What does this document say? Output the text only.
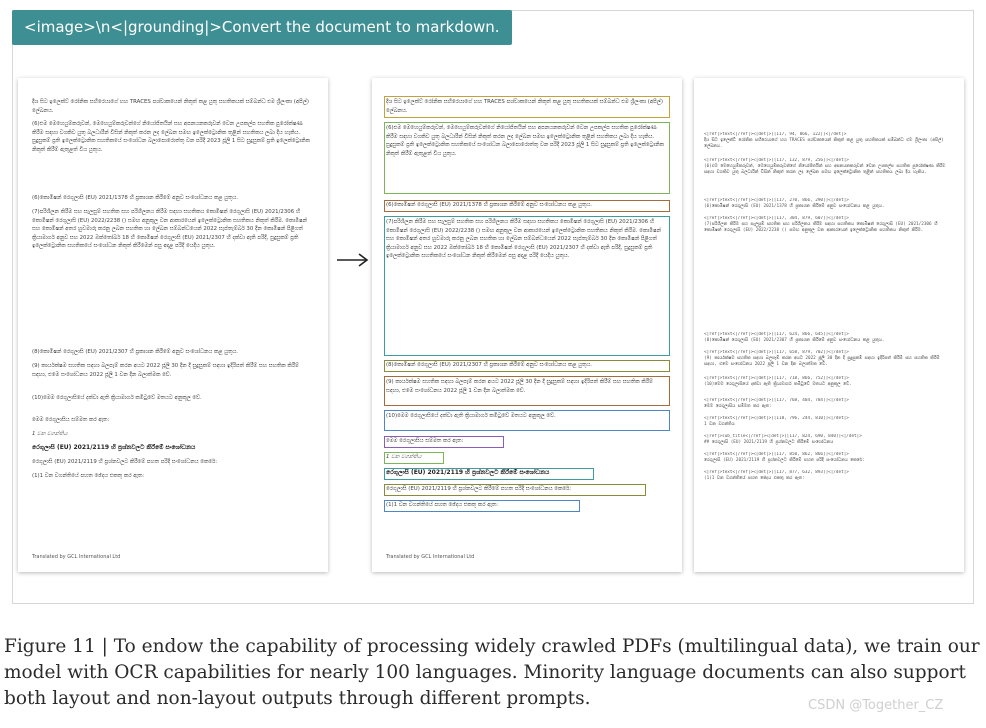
<image>\n<|grounding|>Convert the document to markdown.

දිශ සිට ඉලෙක්ට් රෝනික සහිරෙයාගේ හහ TRACES පශ්චාකයෙන් නිකුත් කළ යුතු සහතිකයක් සම්බන්ධ එම ශ්‍රීලංකා (අපිල්) ලේඛනය.

(6)එම මෙහෙයුම්කරුවන්, මෙහෙයුම්කරුවන්ගේ නියෝජිතයින් සහ අපනයනකරුවන් වෙන උපකල්ප සහතික පුරෝක්ෂණ කිරීම සඳහා වගකිව යුතු බලධාරීන් විසින් නිකුත් කරන ලද ලේඛන සමඟ ඉලෙක්ට්‍රොනික තුළින් සහතිකය ලබා දිය හැකිය. සුදුසුකම් ප්‍රති ඉලෙක්ට්‍රොනික සහතිකයේ සංශෝධන බලාපොරොත්තු වන පරිදි 2023 ජූලි 1 සිට සුදුසුකම් ප්‍රති ඉලෙක්ට්‍රොනික නිකුත් කිරීම් ඇතුළත් විය යුතුය.

(6)කොමිෂන් රෙගුලාසි (EU) 2021/1378 හි ප්‍රකාශන කිරීමේ අනුව සංශෝධනය කළ යුතුය.

(7)පරිශීලන කිරීම සහ සැලසුම් සහතික සහ පරිශීලනය කිරීම සඳහා සහතිකය කොමිෂන් රෙගුලාසි (EU) 2021/2306 හි කොමිෂන් රෙගුලාසි (EU) 2022/2238 () සමඟ අනුකූල වන ආකාරයෙන් ඉලෙක්ට්‍රොනික සහතිකය නිකුත් කිරීම. කොමිෂන් සහ කොමිෂන් අතර හුවමාරු කරනු ලබන සහතික හා ලේඛන සම්බන්ධයෙන් 2022 සැප්තැම්බර් 30 දින කොමිෂන් පිළිගත් ක්‍රියාමාර්ග අනුව සහ 2022 ඔක්තෝබර් 18 හි කොමිෂන් රෙගුලාසි (EU) 2021/2307 හි දක්වා ඇති පරිදි, සුදුසුකම් ප්‍රති ඉලෙක්ට්‍රොනික සහතිකයේ සංශෝධන නිකුත් කිරීමෙන් පසු අදාළ පරිදි යෙදිය යුතුය.

(8)කොමිෂන් රෙගුලාසි (EU) 2021/2307 හි ප්‍රකාශන කිරීමේ අනුව සංශෝධනය කළ යුතුය.

(9) කාර්යක්ෂම සහතික සඳහා බලපෑම් කරන අයට 2022 ජූලි 30 දින දී සුදුසුකම් සඳහා ඉදිරිපත් කිරීම් සහ සහතික කිරීම් සඳහා, එමෙ සංශෝධනය 2022 ජූලි 1 වන දින බලාත්මක වේ.

(10)මෙම රෙගුලාසියේ දක්වා ඇති ක්‍රියාමාර්ග කමිටුවේ මතයට අනුකූල වේ.

මෙම රෙගුලාසිය සම්මත කර ඇත:

1 වන වගන්තිය

රෙගුලාසි (EU) 2021/2119 හි ප්‍රශ්නවලට කිරීමේ සංශෝධනය

රෙගුලාසි (EU) 2021/2119 හි ප්‍රශ්නවලට කිරීමේ පහත පරිදි සංශෝධනය කෙරේ:

(1)1 වන වගන්තියේ පහත ඡේදය එකතු කර ඇත:

Translated by GCL International Ltd

දිශ සිට ඉලෙක්ට් රෝනික සහිරෙයාගේ හහ TRACES පශ්චාකයෙන් නිකුත් කළ යුතු සහතිකයක් සම්බන්ධ එම ශ්‍රීලංකා (අපිල්) ලේඛනය.

(6)එම මෙහෙයුම්කරුවන්, මෙහෙයුම්කරුවන්ගේ නියෝජිතයින් සහ අපනයනකරුවන් වෙන උපකල්ප සහතික පුරෝක්ෂණ කිරීම සඳහා වගකිව යුතු බලධාරීන් විසින් නිකුත් කරන ලද ලේඛන සමඟ ඉලෙක්ට්‍රොනික තුළින් සහතිකය ලබා දිය හැකිය. සුදුසුකම් ප්‍රති ඉලෙක්ට්‍රොනික සහතිකයේ සංශෝධන බලාපොරොත්තු වන පරිදි 2023 ජූලි 1 සිට සුදුසුකම් ප්‍රති ඉලෙක්ට්‍රොනික නිකුත් කිරීම් ඇතුළත් විය යුතුය.

(6)කොමිෂන් රෙගුලාසි (EU) 2021/1378 හි ප්‍රකාශන කිරීමේ අනුව සංශෝධනය කළ යුතුය.

(7)පරිශීලන කිරීම සහ සැලසුම් සහතික සහ පරිශීලනය කිරීම සඳහා සහතිකය කොමිෂන් රෙගුලාසි (EU) 2021/2306 හි කොමිෂන් රෙගුලාසි (EU) 2022/2238 () සමඟ අනුකූල වන ආකාරයෙන් ඉලෙක්ට්‍රොනික සහතිකය නිකුත් කිරීම. කොමිෂන් සහ කොමිෂන් අතර හුවමාරු කරනු ලබන සහතික හා ලේඛන සම්බන්ධයෙන් 2022 සැප්තැම්බර් 30 දින කොමිෂන් පිළිගත් ක්‍රියාමාර්ග අනුව සහ 2022 ඔක්තෝබර් 18 හි කොමිෂන් රෙගුලාසි (EU) 2021/2307 හි දක්වා ඇති පරිදි, සුදුසුකම් ප්‍රති ඉලෙක්ට්‍රොනික සහතිකයේ සංශෝධන නිකුත් කිරීමෙන් පසු අදාළ පරිදි යෙදිය යුතුය.

(8)කොමිෂන් රෙගුලාසි (EU) 2021/2307 හි ප්‍රකාශන කිරීමේ අනුව සංශෝධනය කළ යුතුය.

(9) කාර්යක්ෂම සහතික සඳහා බලපෑම් කරන අයට 2022 ජූලි 30 දින දී සුදුසුකම් සඳහා ඉදිරිපත් කිරීම් සහ සහතික කිරීම් සඳහා, එමෙ සංශෝධනය 2022 ජූලි 1 වන දින බලාත්මක වේ.

(10)මෙම රෙගුලාසියේ දක්වා ඇති ක්‍රියාමාර්ග කමිටුවේ මතයට අනුකූල වේ.

මෙම රෙගුලාසිය සම්මත කර ඇත:

1 වන වගන්තිය

රෙගුලාසි (EU) 2021/2119 හි ප්‍රශ්නවලට කිරීමේ සංශෝධනය

රෙගුලාසි (EU) 2021/2119 හි ප්‍රශ්නවලට කිරීමේ පහත පරිදි සංශෝධනය කෙරේ:

(1)1 වන වගන්තියේ පහත ඡේදය එකතු කර ඇත:

Translated by GCL International Ltd
<|ref|>text<|/ref|><|det|>[[117, 94, 866, 122]]<|/det|>
දිශ සිට ඉලෙක්ට් රෝනික සහිරෙයාගේ හහ TRACES පශ්චාකයෙන් නිකුත් කළ යුතු සහතිකයක් සම්බන්ධ එම ශ්‍රීලංකා (අපිල්) ලේඛනය.
<|ref|>text<|/ref|><|det|>[[117, 132, 879, 256]]<|/det|>
(6)එම මෙහෙයුම්කරුවන්, මෙහෙයුම්කරුවන්ගේ නියෝජිතයින් සහ අපනයනකරුවන් වෙන උපකල්ප සහතික පුරෝක්ෂණ කිරීම සඳහා වගකිව යුතු බලධාරීන් විසින් නිකුත් කරන ලද ලේඛන සමඟ ඉලෙක්ට්‍රොනික තුළින් සහතිකය ලබා දිය හැකිය.
<|ref|>text<|/ref|><|det|>[[117, 270, 866, 290]]<|/det|>
(6)කොමිෂන් රෙගුලාසි (EU) 2021/1378 හි ප්‍රකාශන කිරීමේ අනුව සංශෝධනය කළ යුතුය.
<|ref|>text<|/ref|><|det|>[[117, 304, 879, 607]]<|/det|>
(7)පරිශීලන කිරීම සහ සැලසුම් සහතික සහ පරිශීලනය කිරීම සඳහා සහතිකය කොමිෂන් රෙගුලාසි (EU) 2021/2306 හි කොමිෂන් රෙගුලාසි (EU) 2022/2238 () සමඟ අනුකූල වන ආකාරයෙන් ඉලෙක්ට්‍රොනික සහතිකය නිකුත් කිරීම.
<|ref|>text<|/ref|><|det|>[[117, 624, 866, 645]]<|/det|>
(8)කොමිෂන් රෙගුලාසි (EU) 2021/2307 හි ප්‍රකාශන කිරීමේ අනුව සංශෝධනය කළ යුතුය.
<|ref|>text<|/ref|><|det|>[[117, 658, 879, 702]]<|/det|>
(9) කාර්යක්ෂම සහතික සඳහා බලපෑම් කරන අයට 2022 ජූලි 30 දින දී සුදුසුකම් සඳහා ඉදිරිපත් කිරීම් සහ සහතික කිරීම් සඳහා, එමෙ සංශෝධනය 2022 ජූලි 1 වන දින බලාත්මක වේ.
<|ref|>text<|/ref|><|det|>[[117, 718, 866, 752]]<|/det|>
(10)මෙම රෙගුලාසියේ දක්වා ඇති ක්‍රියාමාර්ග කමිටුවේ මතයට අනුකූල වේ.
<|ref|>text<|/ref|><|det|>[[117, 768, 404, 784]]<|/det|>
මෙම රෙගුලාසිය සම්මත කර ඇත:
<|ref|>text<|/ref|><|det|>[[118, 796, 244, 810]]<|/det|>
1 වන වගන්තිය
<|ref|>sub_title<|/ref|><|det|>[[117, 824, 690, 840]]<|/det|>
## රෙගුලාසි (EU) 2021/2119 හි ප්‍රශ්නවලට කිරීමේ සංශෝධනය
<|ref|>text<|/ref|><|det|>[[117, 850, 862, 866]]<|/det|>
රෙගුලාසි (EU) 2021/2119 හි ප්‍රශ්නවලට කිරීමේ පහත පරිදි සංශෝධනය කෙරේ:
<|ref|>text<|/ref|><|det|>[[117, 877, 632, 893]]<|/det|>
(1)1 වන වගන්තියේ පහත ඡේදය එකතු කර ඇත:

Figure 11 | To endow the capability of processing widely crawled PDFs (multilingual data), we train our model with OCR capabilities for nearly 100 languages. Minority language documents can also support both layout and non-layout outputs through different prompts.	CSDN @Together_CZ
